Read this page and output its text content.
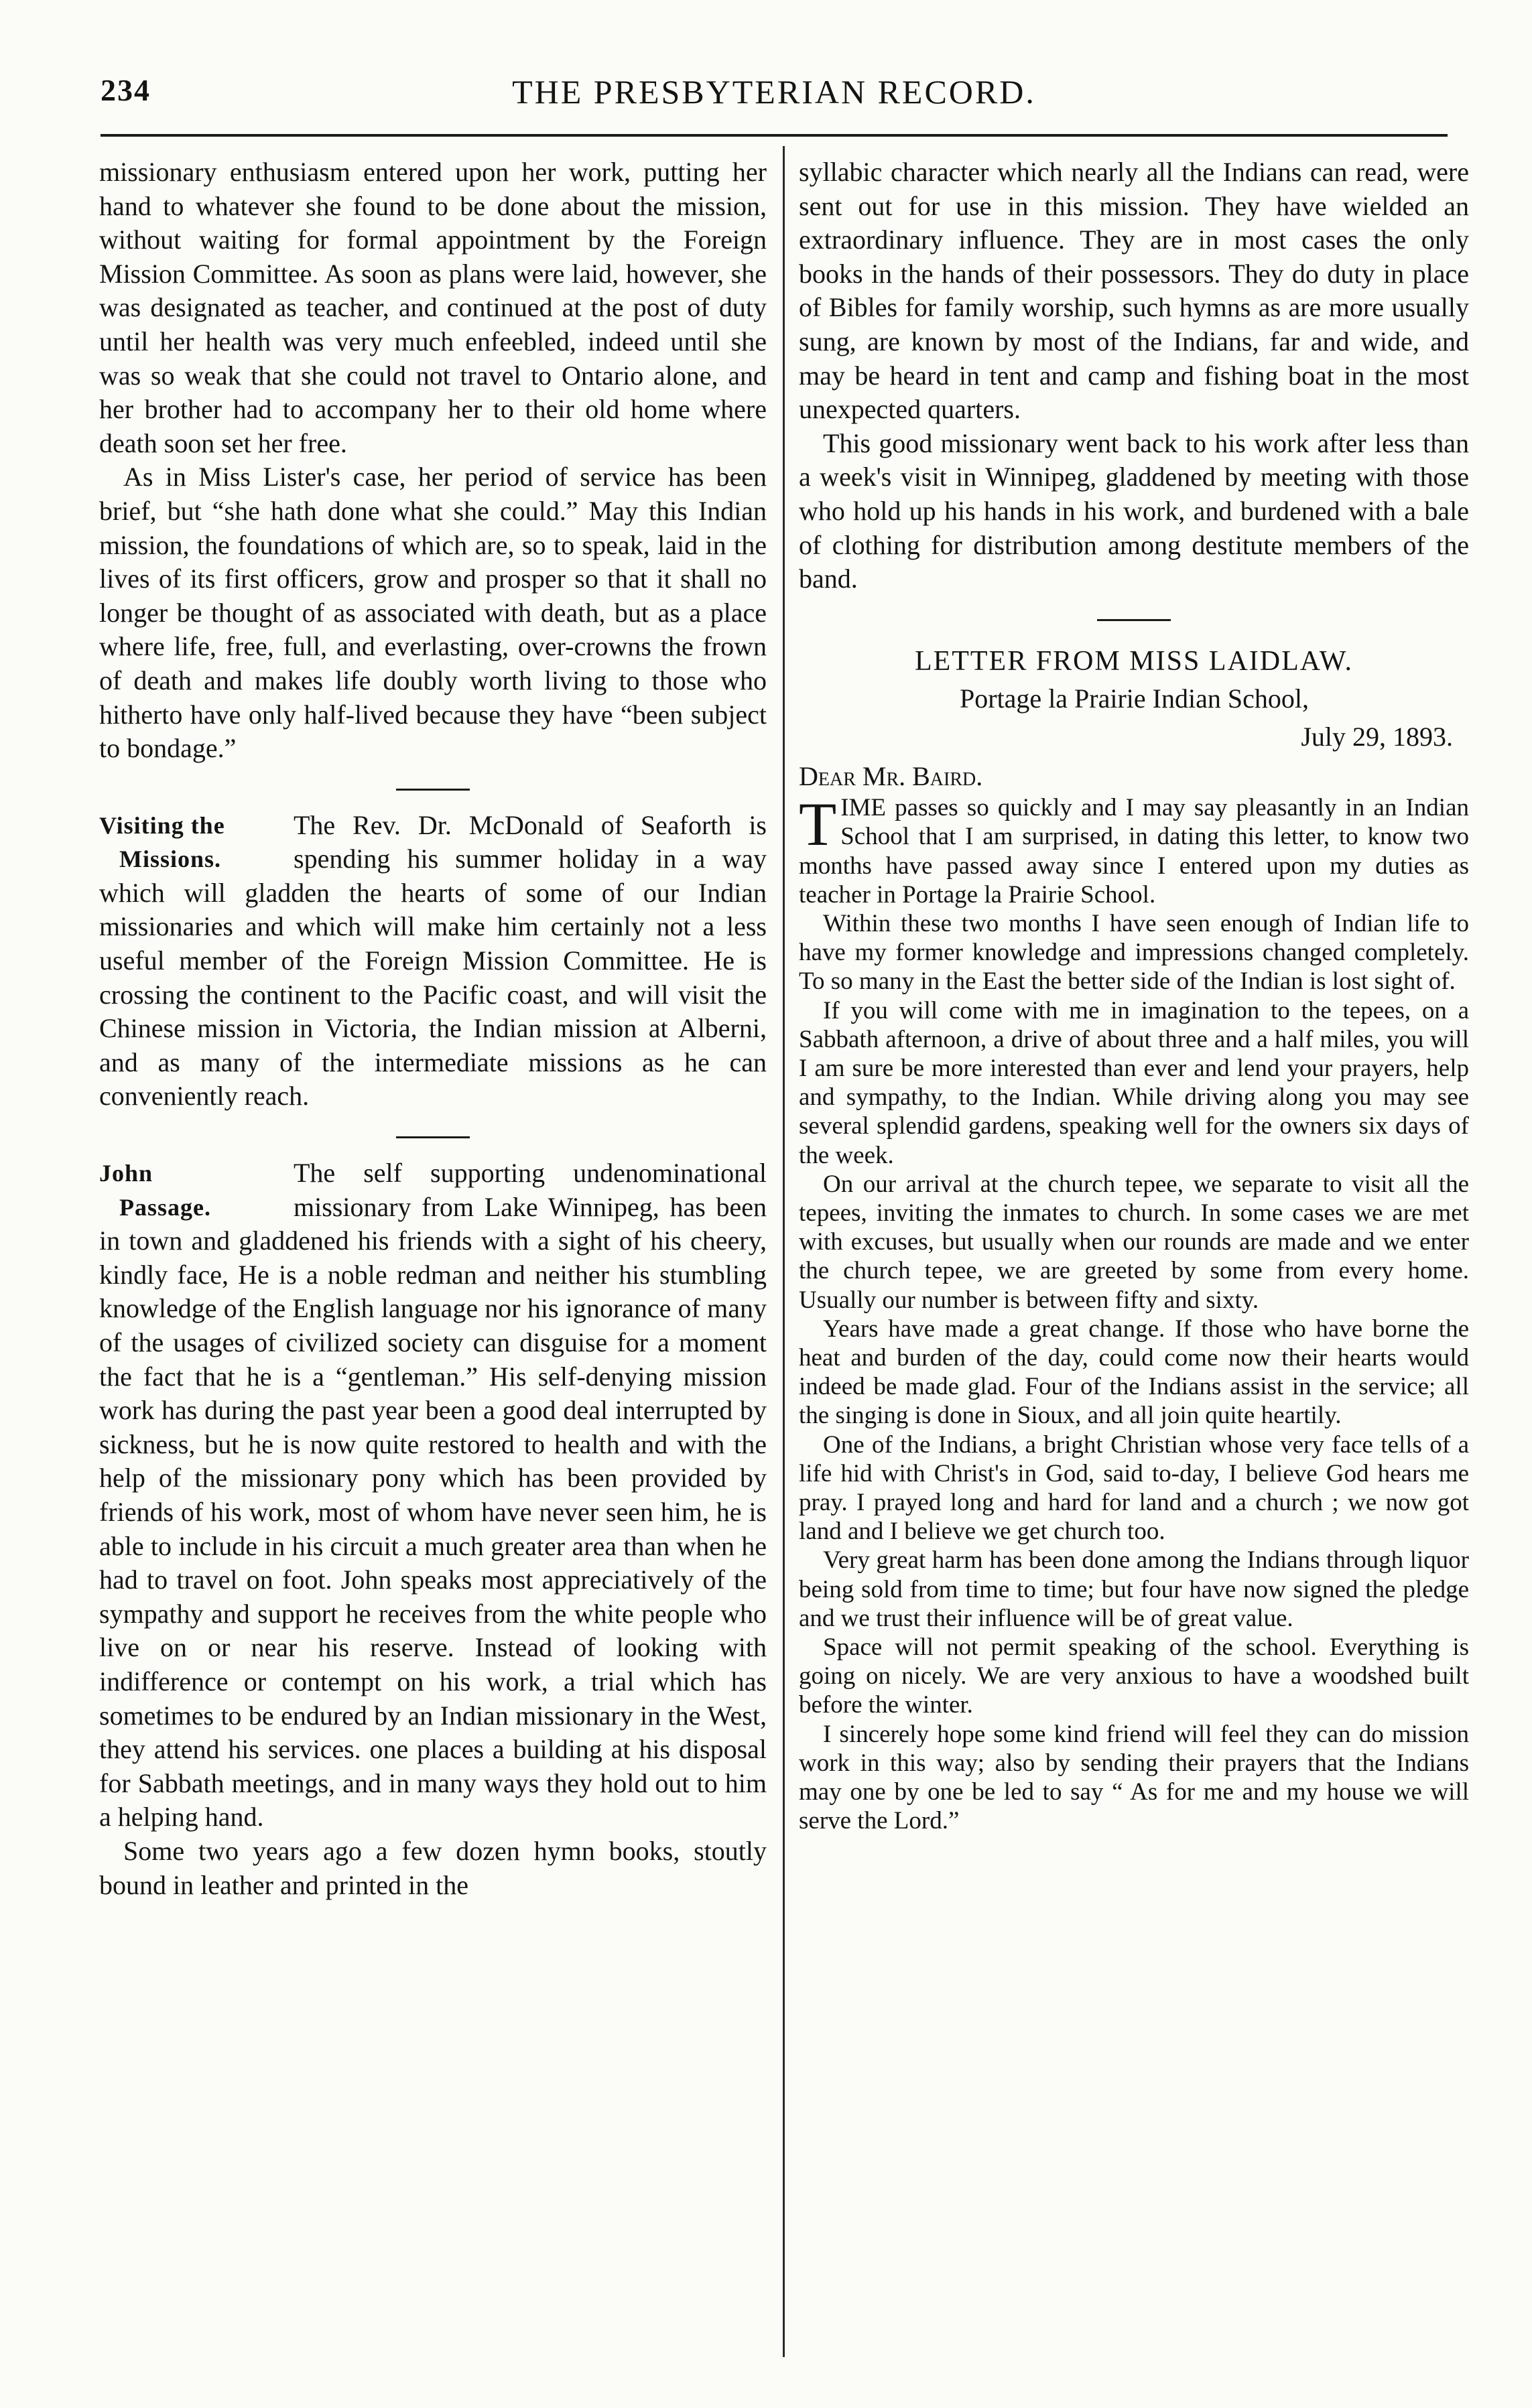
234	THE PRESBYTERIAN RECORD.

missionary enthusiasm entered upon her work, putting her hand to whatever she found to be done about the mission, without waiting for formal appointment by the Foreign Mission Committee. As soon as plans were laid, however, she was designated as teacher, and continued at the post of duty until her health was very much enfeebled, indeed until she was so weak that she could not travel to Ontario alone, and her brother had to accompany her to their old home where death soon set her free.

As in Miss Lister's case, her period of service has been brief, but “she hath done what she could.” May this Indian mission, the foundations of which are, so to speak, laid in the lives of its first officers, grow and prosper so that it shall no longer be thought of as associated with death, but as a place where life, free, full, and everlasting, over-crowns the frown of death and makes life doubly worth living to those who hitherto have only half-lived because they have “been subject to bondage.”

Visiting the
Missions.

The Rev. Dr. McDonald of Seaforth is spending his summer holiday in a way which will gladden the hearts of some of our Indian missionaries and which will make him certainly not a less useful member of the Foreign Mission Committee. He is crossing the continent to the Pacific coast, and will visit the Chinese mission in Victoria, the Indian mission at Alberni, and as many of the intermediate missions as he can conveniently reach.

John
Passage.

The self supporting undenominational missionary from Lake Winnipeg, has been in town and gladdened his friends with a sight of his cheery, kindly face, He is a noble redman and neither his stumbling knowledge of the English language nor his ignorance of many of the usages of civilized society can disguise for a moment the fact that he is a “gentleman.” His self-denying mission work has during the past year been a good deal interrupted by sickness, but he is now quite restored to health and with the help of the missionary pony which has been provided by friends of his work, most of whom have never seen him, he is able to include in his circuit a much greater area than when he had to travel on foot. John speaks most appreciatively of the sympathy and support he receives from the white people who live on or near his reserve. Instead of looking with indifference or contempt on his work, a trial which has sometimes to be endured by an Indian missionary in the West, they attend his services. one places a building at his disposal for Sabbath meetings, and in many ways they hold out to him a helping hand.

Some two years ago a few dozen hymn books, stoutly bound in leather and printed in the

syllabic character which nearly all the Indians can read, were sent out for use in this mission. They have wielded an extraordinary influence. They are in most cases the only books in the hands of their possessors. They do duty in place of Bibles for family worship, such hymns as are more usually sung, are known by most of the Indians, far and wide, and may be heard in tent and camp and fishing boat in the most unexpected quarters.

This good missionary went back to his work after less than a week's visit in Winnipeg, gladdened by meeting with those who hold up his hands in his work, and burdened with a bale of clothing for distribution among destitute members of the band.

LETTER FROM MISS LAIDLAW.
Portage la Prairie Indian School,
July 29, 1893.
Dear Mr. Baird.

TIME passes so quickly and I may say pleasantly in an Indian School that I am surprised, in dating this letter, to know two months have passed away since I entered upon my duties as teacher in Portage la Prairie School.

Within these two months I have seen enough of Indian life to have my former knowledge and impressions changed completely. To so many in the East the better side of the Indian is lost sight of.

If you will come with me in imagination to the tepees, on a Sabbath afternoon, a drive of about three and a half miles, you will I am sure be more interested than ever and lend your prayers, help and sympathy, to the Indian. While driving along you may see several splendid gardens, speaking well for the owners six days of the week.

On our arrival at the church tepee, we separate to visit all the tepees, inviting the inmates to church. In some cases we are met with excuses, but usually when our rounds are made and we enter the church tepee, we are greeted by some from every home. Usually our number is between fifty and sixty.

Years have made a great change. If those who have borne the heat and burden of the day, could come now their hearts would indeed be made glad. Four of the Indians assist in the service; all the singing is done in Sioux, and all join quite heartily.

One of the Indians, a bright Christian whose very face tells of a life hid with Christ's in God, said to-day, I believe God hears me pray. I prayed long and hard for land and a church ; we now got land and I believe we get church too.

Very great harm has been done among the Indians through liquor being sold from time to time; but four have now signed the pledge and we trust their influence will be of great value.

Space will not permit speaking of the school. Everything is going on nicely. We are very anxious to have a woodshed built before the winter.

I sincerely hope some kind friend will feel they can do mission work in this way; also by sending their prayers that the Indians may one by one be led to say “ As for me and my house we will serve the Lord.”
